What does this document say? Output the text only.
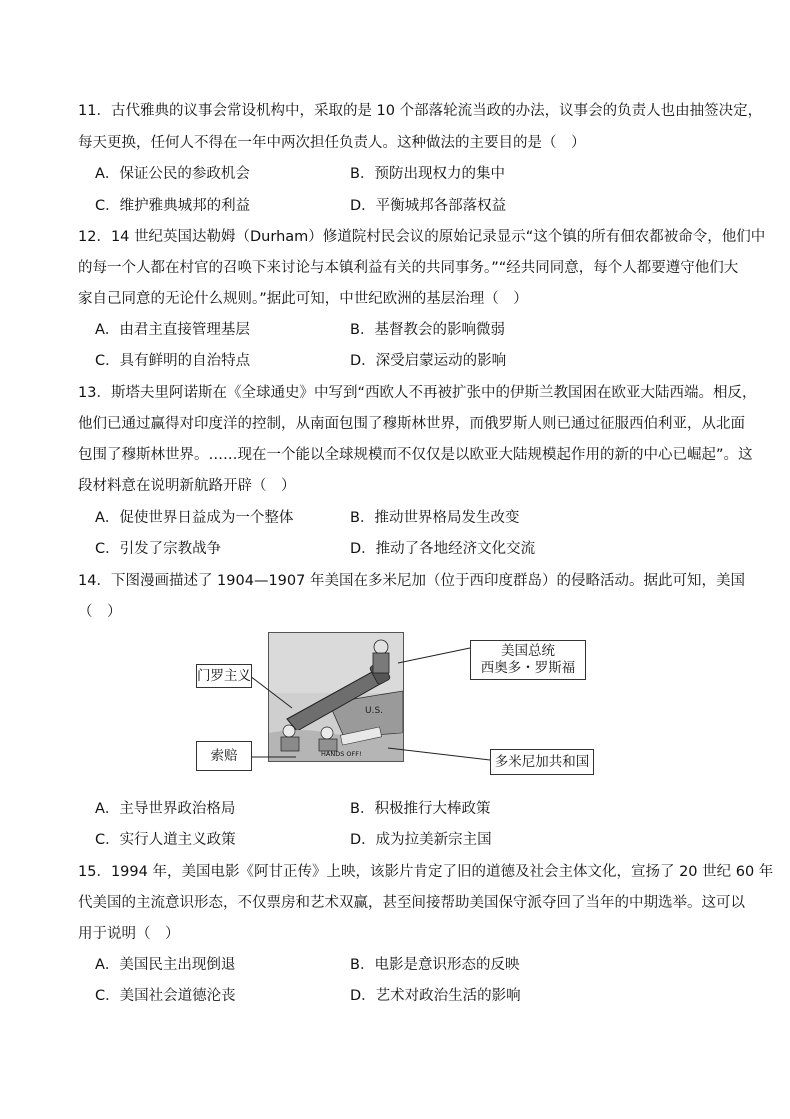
11．古代雅典的议事会常设机构中，采取的是 10 个部落轮流当政的办法，议事会的负责人也由抽签决定，
每天更换，任何人不得在一年中两次担任负责人。这种做法的主要目的是（　）
A．保证公民的参政机会	B．预防出现权力的集中
C．维护雅典城邦的利益	D．平衡城邦各部落权益
12．14 世纪英国达勒姆（Durham）修道院村民会议的原始记录显示“这个镇的所有佃农都被命令，他们中
的每一个人都在村官的召唤下来讨论与本镇利益有关的共同事务。”“经共同同意，每个人都要遵守他们大
家自己同意的无论什么规则。”据此可知，中世纪欧洲的基层治理（　）
A．由君主直接管理基层	B．基督教会的影响微弱
C．具有鲜明的自治特点	D．深受启蒙运动的影响
13．斯塔夫里阿诺斯在《全球通史》中写到“西欧人不再被扩张中的伊斯兰教国困在欧亚大陆西端。相反，
他们已通过赢得对印度洋的控制，从南面包围了穆斯林世界，而俄罗斯人则已通过征服西伯利亚，从北面
包围了穆斯林世界。……现在一个能以全球规模而不仅仅是以欧亚大陆规模起作用的新的中心已崛起”。这
段材料意在说明新航路开辟（　）
A．促使世界日益成为一个整体	B．推动世界格局发生改变
C．引发了宗教战争	D．推动了各地经济文化交流
14．下图漫画描述了 1904—1907 年美国在多米尼加（位于西印度群岛）的侵略活动。据此可知，美国
（　）
U.S.
HANDS OFF!
门罗主义
索赔
美国总统
西奥多・罗斯福
多米尼加共和国
A．主导世界政治格局	B．积极推行大棒政策
C．实行人道主义政策	D．成为拉美新宗主国
15．1994 年，美国电影《阿甘正传》上映，该影片肯定了旧的道德及社会主体文化，宣扬了 20 世纪 60 年
代美国的主流意识形态，不仅票房和艺术双赢，甚至间接帮助美国保守派夺回了当年的中期选举。这可以
用于说明（　）
A．美国民主出现倒退	B．电影是意识形态的反映
C．美国社会道德沦丧	D．艺术对政治生活的影响
